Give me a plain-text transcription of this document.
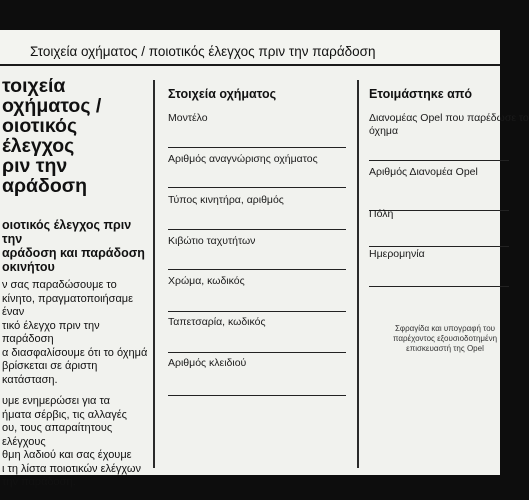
Στοιχεία οχήματος / ποιοτικός έλεγχος πριν την παράδοση
τοιχεία οχήματος /
οιοτικός έλεγχος
ριν την
αράδοση
οιοτικός έλεγχος πριν την
αράδοση και παράδοση
οκινήτου

ν σας παραδώσουμε το
κίνητο, πραγματοποιήσαμε έναν
τικό έλεγχο πριν την παράδοση
α διασφαλίσουμε ότι το όχημά
βρίσκεται σε άριστη κατάσταση.

υμε ενημερώσει για τα
ήματα σέρβις, τις αλλαγές
ου, τους απαραίτητους ελέγχους
θμη λαδιού και σας έχουμε
ι τη λίστα ποιοτικών ελέγχων
την παράδοση.

Στοιχεία οχήματος
Μοντέλο
Αριθμός αναγνώρισης οχήματος
Τύπος κινητήρα, αριθμός
Κιβώτιο ταχυτήτων
Χρώμα, κωδικός
Ταπετσαρία, κωδικός
Αριθμός κλειδιού
Ετοιμάστηκε από
Διανομέας Opel που παρέδωσε το
όχημα
Αριθμός Διανομέα Opel
Πόλη
Ημερομηνία
Σφραγίδα και υπογραφή του
παρέχοντος εξουσιοδοτημένη
επισκευαστή της Opel
